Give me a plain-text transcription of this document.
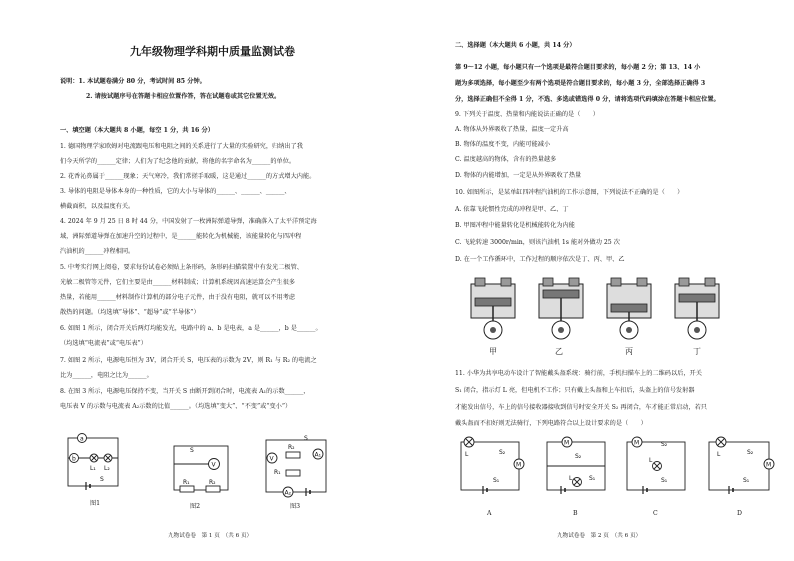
九年级物理学科期中质量监测试卷
说明：1. 本试题卷满分 80 分，考试时间 85 分钟。
2. 请按试题序号在答题卡相应位置作答，答在试题卷或其它位置无效。
一、填空题（本大题共 8 小题，每空 1 分，共 16 分）
1. 德国物理学家欧姆对电流跟电压和电阻之间的关系进行了大量的实验研究，归纳出了我
们今天所学的______定律；人们为了纪念他的贡献，将他的名字命名为______的单位。
2. 花香沁鼻属于______现象；天气寒冷，我们常搓手取暖，这是通过______的方式增大内能。
3. 导体的电阻是导体本身的一种性质，它的大小与导体的______、______、______、
横截面积，以及温度有关。
4. 2024 年 9 月 25 日 8 时 44 分，中国发射了一枚洲际弹道导弹，准确落入了太平洋预定海
域，洲际弹道导弹在加速升空的过程中，是______能转化为机械能，该能量转化与四冲程
汽油机的______冲程相同。
5. 中考实行网上阅卷，要求每份试卷必须贴上条形码，条形码扫描装置中有发光二极管、
光敏二极管等元件，它们主要是由______材料制成；计算机系统因高速运算会产生很多
热量，若能用______材料制作计算机的部分电子元件，由于没有电阻，就可以不用考虑
散热的问题。（均选填“导体”、“超导”或“半导体”）
6. 如图 1 所示，闭合开关后两灯均能发光，电路中的 a、b 是电表，a 是______，b 是______。
（均选填“电流表”或“电压表”）
7. 如图 2 所示，电源电压恒为 3V，闭合开关 S，电压表的示数为 2V，则 R₁ 与 R₂ 的电流之
比为______，电阻之比为______。
8. 在图 3 所示，电源电压保持不变，当开关 S 由断开到闭合时，电流表 A₁的示数______，
电压表 V 的示数与电流表 A₂示数的比值______。（均选填“变大”、“不变”或“变小”）
a
b
L₁ L₂
S
图1
V
S
R₁	R₂
图2
V
R₂
A₁
R₁
A₂
S
图3
九物试卷卷　第 1 页　（共 6 页）
二、选择题（本大题共 6 小题，共 14 分）
第 9～12 小题，每小题只有一个选项是最符合题目要求的，每小题 2 分；第 13、14 小
题为多项选择，每小题至少有两个选项是符合题目要求的，每小题 3 分，全部选择正确得 3
分，选择正确但不全得 1 分，不选、多选或错选得 0 分，请将选项代码填涂在答题卡相应位置。
9. 下列关于温度、热量和内能说法正确的是（　　）
A. 物体从外界吸收了热量，温度一定升高
B. 物体的温度不变，内能可能减小
C. 温度越高的物体，含有的热量越多
D. 物体的内能增加，一定是从外界吸收了热量
10. 如图所示，是某单缸四冲程汽油机的工作示意图，下列说法不正确的是（　　）
A. 依靠飞轮惯性完成的冲程是甲、乙、丁
B. 甲图冲程中能量转化是机械能转化为内能
C. 飞轮转速 3000r/min，则该汽油机 1s 能对外做功 25 次
D. 在一个工作循环中，工作过程的顺序依次是丁、丙、甲、乙
甲	乙	丙	丁
11. 小华为共享电动车设计了智能戴头盔系统：骑行前，手机扫描车上的二维码以后，开关
S₁ 闭合，指示灯 L 亮，但电机不工作；只有戴上头盔和上车扣后，头盔上的信号发射器
才能发出信号，车上的信号接收器接收到信号时安全开关 S₂ 再闭合，车才能正常启动，若只
戴头盔而不扣好则无法骑行，下列电路符合以上设计要求的是（　　）
L	S₂
M
S₁
M
S₂
L	S₁
M	S₂
L
S₁
L	S₂
M
S₁
A	B	C	D
九物试卷卷　第 2 页　（共 6 页）
